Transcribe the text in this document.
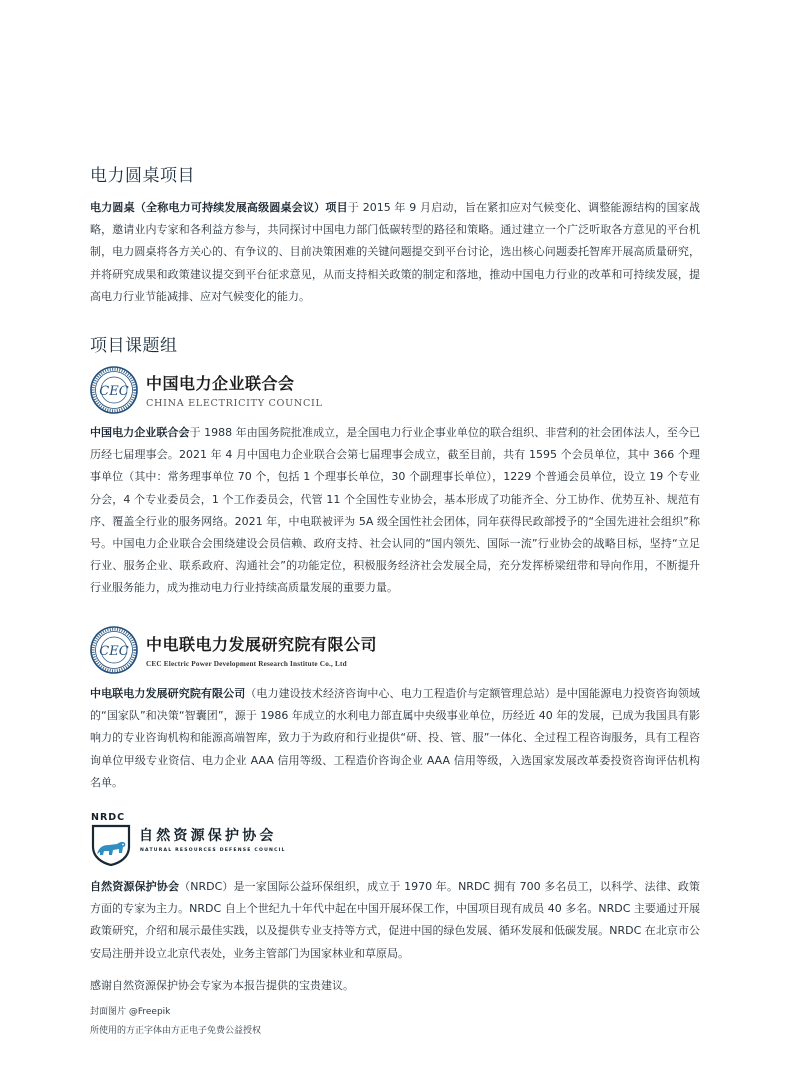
电力圆桌项目

电力圆桌（全称电力可持续发展高级圆桌会议）项目于 2015 年 9 月启动，旨在紧扣应对气候变化、调整能源结构的国家战略，邀请业内专家和各利益方参与，共同探讨中国电力部门低碳转型的路径和策略。通过建立一个广泛听取各方意见的平台机制，电力圆桌将各方关心的、有争议的、目前决策困难的关键问题提交到平台讨论，选出核心问题委托智库开展高质量研究，并将研究成果和政策建议提交到平台征求意见，从而支持相关政策的制定和落地，推动中国电力行业的改革和可持续发展，提高电力行业节能减排、应对气候变化的能力。

项目课题组
CEC 中国电力企业联合会
CHINA ELECTRICITY COUNCIL

中国电力企业联合会于 1988 年由国务院批准成立，是全国电力行业企事业单位的联合组织、非营利的社会团体法人，至今已历经七届理事会。2021 年 4 月中国电力企业联合会第七届理事会成立，截至目前，共有 1595 个会员单位，其中 366 个理事单位（其中：常务理事单位 70 个，包括 1 个理事长单位，30 个副理事长单位），1229 个普通会员单位，设立 19 个专业分会，4 个专业委员会，1 个工作委员会，代管 11 个全国性专业协会，基本形成了功能齐全、分工协作、优势互补、规范有序、覆盖全行业的服务网络。2021 年，中电联被评为 5A 级全国性社会团体，同年获得民政部授予的“全国先进社会组织”称号。中国电力企业联合会围绕建设会员信赖、政府支持、社会认同的“国内领先、国际一流”行业协会的战略目标，坚持“立足行业、服务企业、联系政府、沟通社会”的功能定位，积极服务经济社会发展全局，充分发挥桥梁纽带和导向作用，不断提升行业服务能力，成为推动电力行业持续高质量发展的重要力量。

CEC 中电联电力发展研究院有限公司
CEC Electric Power Development Research Institute Co., Ltd

中电联电力发展研究院有限公司（电力建设技术经济咨询中心、电力工程造价与定额管理总站）是中国能源电力投资咨询领域的“国家队”和决策“智囊团”，源于 1986 年成立的水利电力部直属中央级事业单位，历经近 40 年的发展，已成为我国具有影响力的专业咨询机构和能源高端智库，致力于为政府和行业提供“研、投、管、服”一体化、全过程工程咨询服务，具有工程咨询单位甲级专业资信、电力企业 AAA 信用等级、工程造价咨询企业 AAA 信用等级，入选国家发展改革委投资咨询评估机构名单。

NRDC
自然资源保护协会
NATURAL RESOURCES DEFENSE COUNCIL

自然资源保护协会（NRDC）是一家国际公益环保组织，成立于 1970 年。NRDC 拥有 700 多名员工，以科学、法律、政策方面的专家为主力。NRDC 自上个世纪九十年代中起在中国开展环保工作，中国项目现有成员 40 多名。NRDC 主要通过开展政策研究，介绍和展示最佳实践，以及提供专业支持等方式，促进中国的绿色发展、循环发展和低碳发展。NRDC 在北京市公安局注册并设立北京代表处，业务主管部门为国家林业和草原局。

感谢自然资源保护协会专家为本报告提供的宝贵建议。

封面图片 @Freepik

所使用的方正字体由方正电子免费公益授权
